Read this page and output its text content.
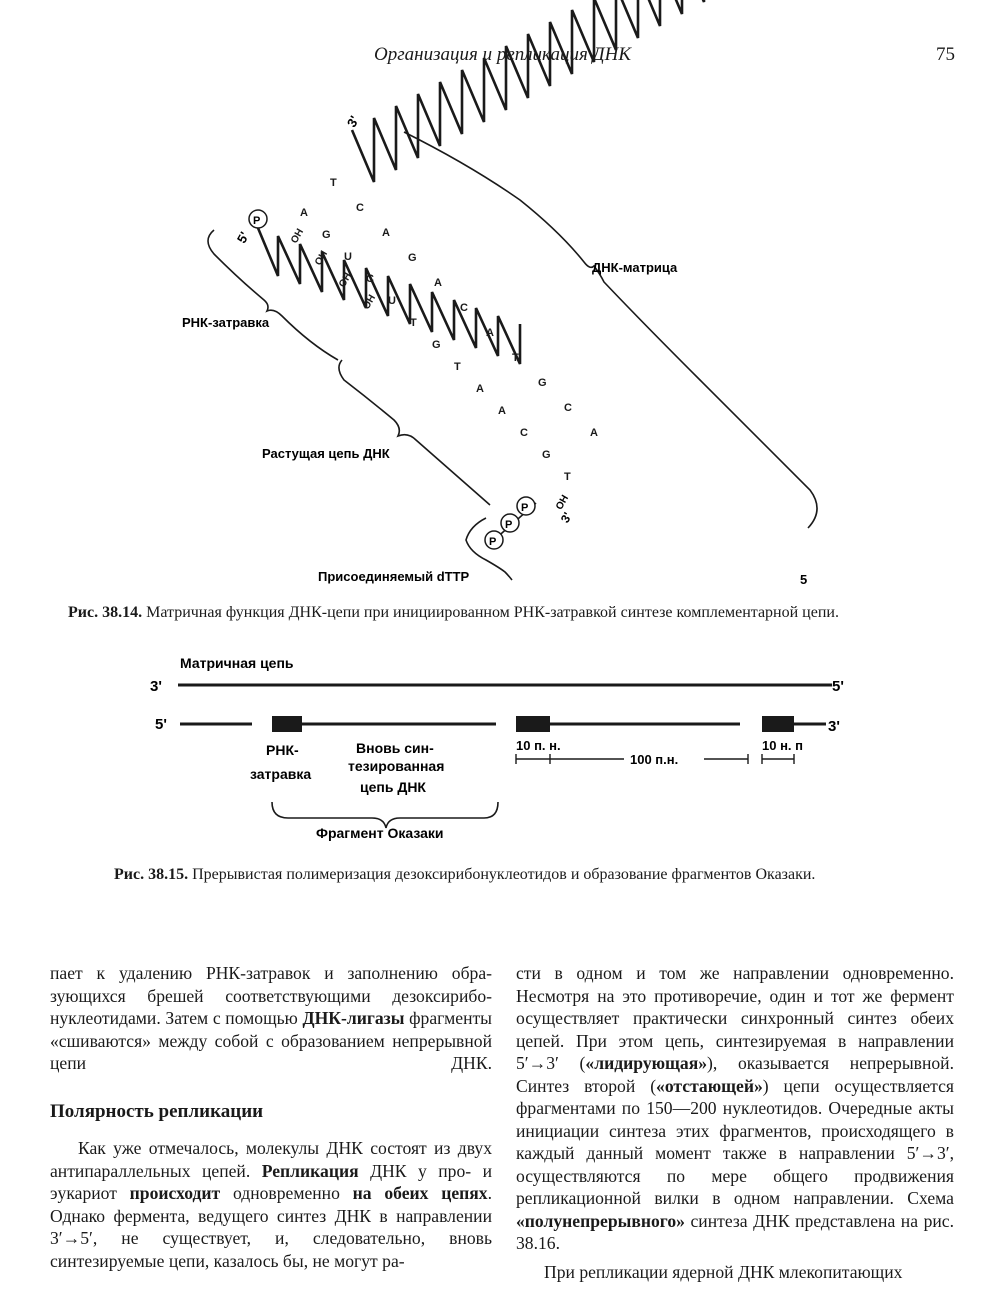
Организация и репликация ДНК	75
T
C
A
G
A
C
A
T
G
C
A
A
G
U
C
U
T
G
T
A
A
C
G
T
OH
OH
OH
OH
ДНК-матрица
РНК-затравка
Растущая цепь ДНК
Присоединяемый dTTP
3'
5'
3'
5
P
P
P
P	OH
Рис. 38.14. Матричная функция ДНК-цепи при инициированном РНК-затравкой синтезе комплементарной цепи.
Матричная цепь
3'	5'
5'	3'
РНК-
затравка
Вновь син-
тезированная
цепь ДНК
10 п. н.
100 п.н.
10 н. п
Фрагмент Оказаки
Рис. 38.15. Прерывистая полимеризация дезоксирибонуклеотидов и образование фрагментов Оказаки.

пает к удалению РНК-затравок и заполнению образующихся брешей соответствующими дезоксирибонуклеотидами. Затем с помощью ДНК-лигазы фрагменты «сшиваются» между собой с образованием непрерывной цепи ДНК.

Полярность репликации

Как уже отмечалось, молекулы ДНК состоят из двух антипараллельных цепей. Репликация ДНК у про- и эукариот происходит одновременно на обеих цепях. Однако фермента, ведущего синтез ДНК в направлении 3′→5′, не существует, и, следовательно, вновь синтезируемые цепи, казалось бы, не могут ра-

сти в одном и том же направлении одновременно. Несмотря на это противоречие, один и тот же фермент осуществляет практически синхронный синтез обеих цепей. При этом цепь, синтезируемая в направлении 5′→3′ («лидирующая»), оказывается непрерывной. Синтез второй («отстающей») цепи осуществляется фрагментами по 150—200 нуклеотидов. Очередные акты инициации синтеза этих фрагментов, происходящего в каждый данный момент также в направлении 5′→3′, осуществляются по мере общего продвижения репликационной вилки в одном направлении. Схема «полунепрерывного» синтеза ДНК представлена на рис. 38.16.

При репликации ядерной ДНК млекопитающих
